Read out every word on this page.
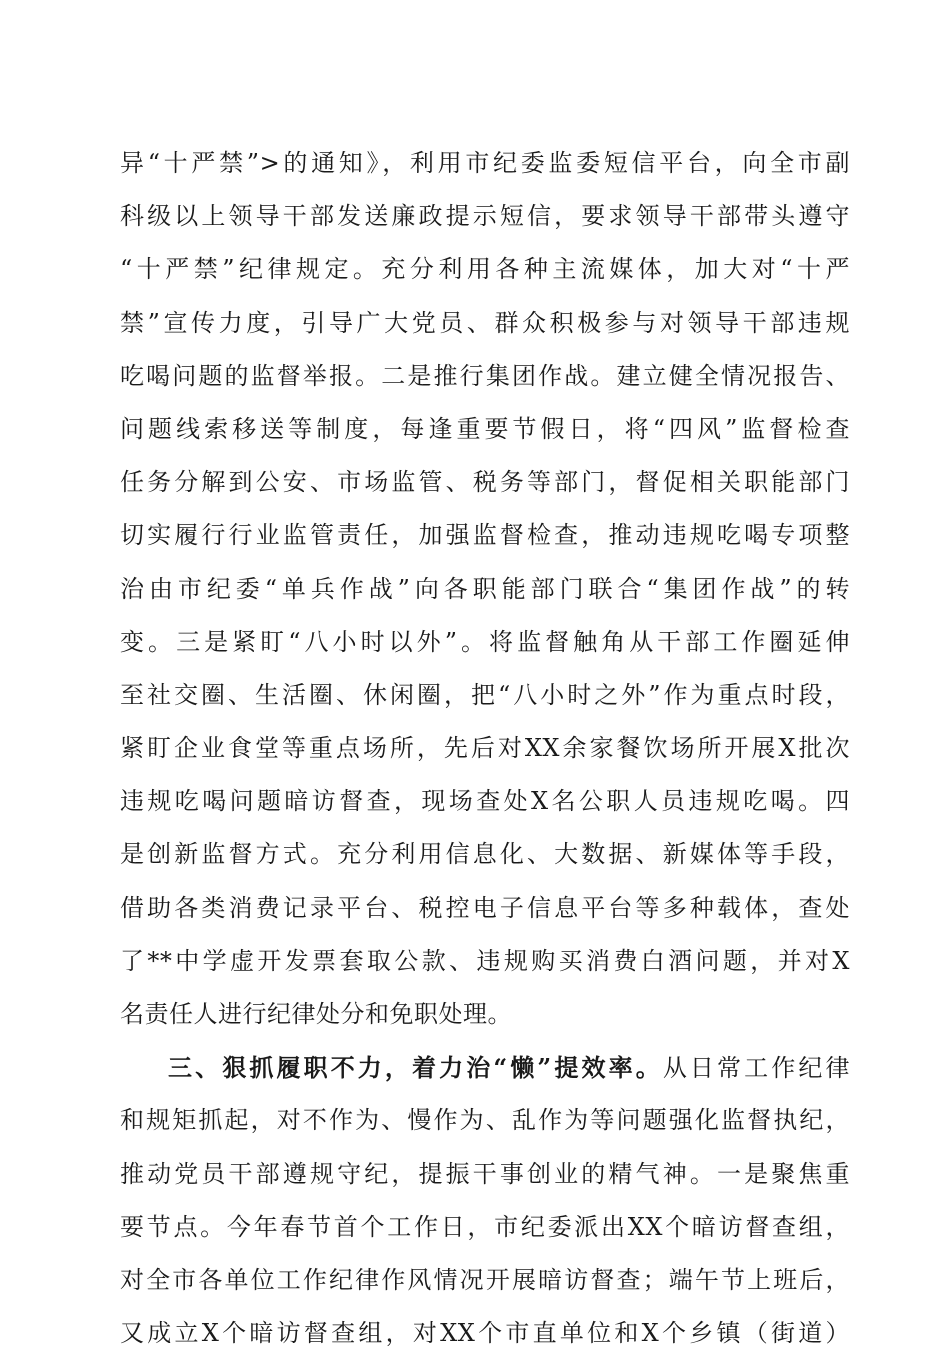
异“十严禁”>的通知》，利用市纪委监委短信平台，向全市副
科级以上领导干部发送廉政提示短信，要求领导干部带头遵守
“十严禁”纪律规定。充分利用各种主流媒体，加大对“十严
禁”宣传力度，引导广大党员、群众积极参与对领导干部违规
吃喝问题的监督举报。二是推行集团作战。建立健全情况报告、
问题线索移送等制度，每逢重要节假日，将“四风”监督检查
任务分解到公安、市场监管、税务等部门，督促相关职能部门
切实履行行业监管责任，加强监督检查，推动违规吃喝专项整
治由市纪委“单兵作战”向各职能部门联合“集团作战”的转
变。三是紧盯“八小时以外”。将监督触角从干部工作圈延伸
至社交圈、生活圈、休闲圈，把“八小时之外”作为重点时段，
紧盯企业食堂等重点场所，先后对XX余家餐饮场所开展X批次
违规吃喝问题暗访督查，现场查处X名公职人员违规吃喝。四
是创新监督方式。充分利用信息化、大数据、新媒体等手段，
借助各类消费记录平台、税控电子信息平台等多种载体，查处
了**中学虚开发票套取公款、违规购买消费白酒问题，并对X
名责任人进行纪律处分和免职处理。
三、狠抓履职不力，着力治“懒”提效率。从日常工作纪律
和规矩抓起，对不作为、慢作为、乱作为等问题强化监督执纪，
推动党员干部遵规守纪，提振干事创业的精气神。一是聚焦重
要节点。今年春节首个工作日，市纪委派出XX个暗访督查组，
对全市各单位工作纪律作风情况开展暗访督查；端午节上班后，
又成立X个暗访督查组，对XX个市直单位和X个乡镇（街道）
